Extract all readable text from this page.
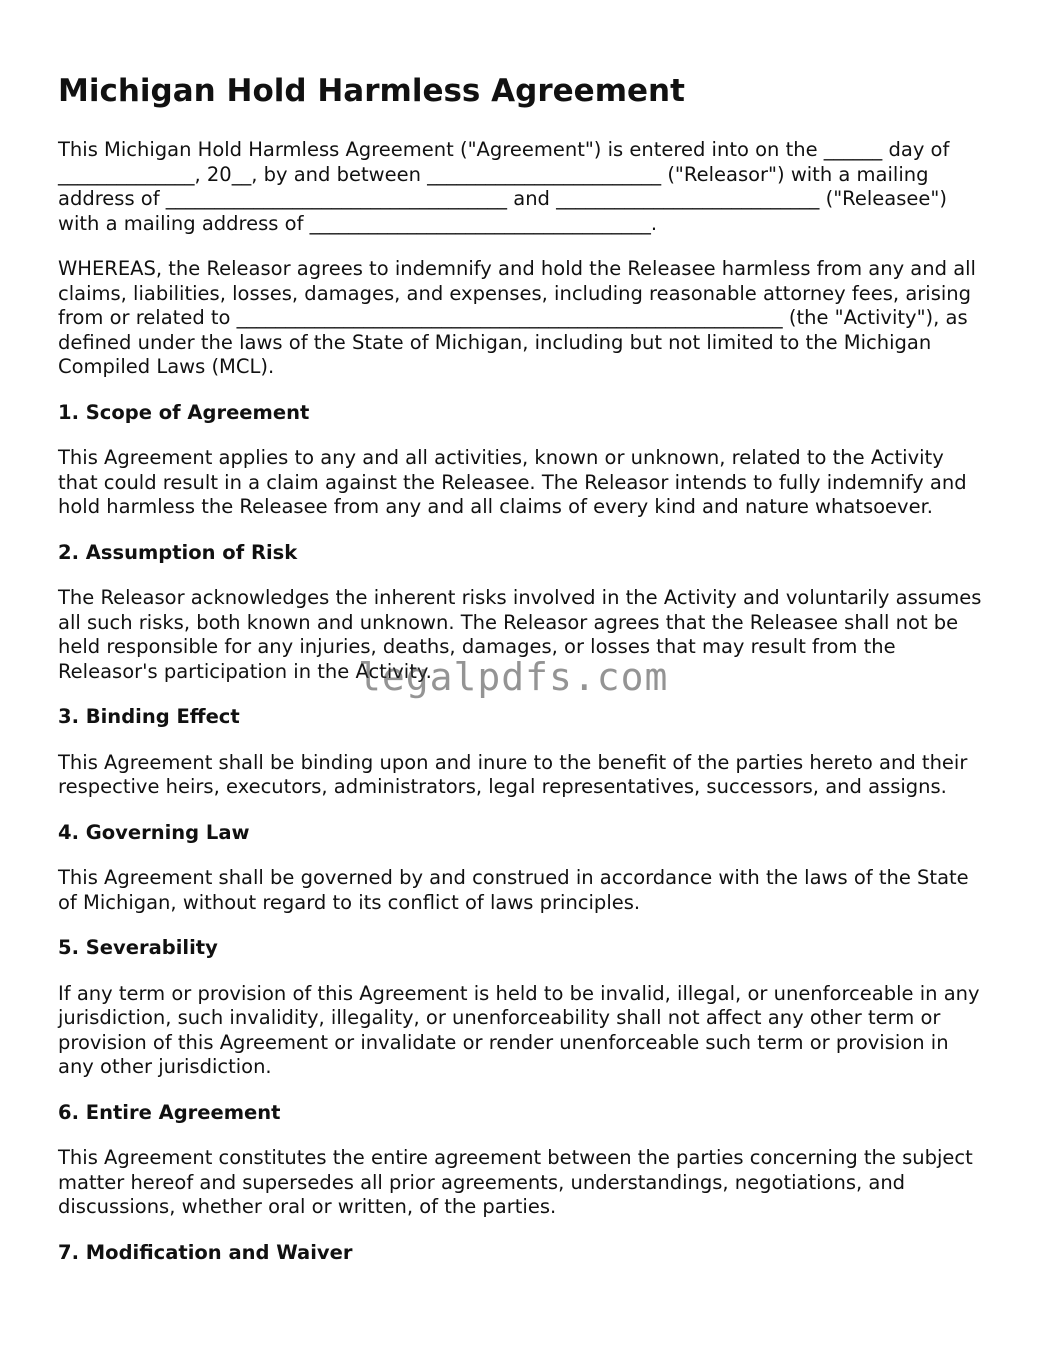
Michigan Hold Harmless Agreement

This Michigan Hold Harmless Agreement ("Agreement") is entered into on the ______ day of ______________, 20__, by and between ________________________ ("Releasor") with a mailing address of ___________________________________ and ___________________________ ("Releasee") with a mailing address of ___________________________________.

WHEREAS, the Releasor agrees to indemnify and hold the Releasee harmless from any and all claims, liabilities, losses, damages, and expenses, including reasonable attorney fees, arising from or related to ________________________________________________________ (the "Activity"), as defined under the laws of the State of Michigan, including but not limited to the Michigan Compiled Laws (MCL).

1. Scope of Agreement

This Agreement applies to any and all activities, known or unknown, related to the Activity that could result in a claim against the Releasee. The Releasor intends to fully indemnify and hold harmless the Releasee from any and all claims of every kind and nature whatsoever.

2. Assumption of Risk

The Releasor acknowledges the inherent risks involved in the Activity and voluntarily assumes all such risks, both known and unknown. The Releasor agrees that the Releasee shall not be held responsible for any injuries, deaths, damages, or losses that may result from the Releasor's participation in the Activity.

3. Binding Effect

This Agreement shall be binding upon and inure to the benefit of the parties hereto and their respective heirs, executors, administrators, legal representatives, successors, and assigns.

4. Governing Law

This Agreement shall be governed by and construed in accordance with the laws of the State of Michigan, without regard to its conflict of laws principles.

5. Severability

If any term or provision of this Agreement is held to be invalid, illegal, or unenforceable in any jurisdiction, such invalidity, illegality, or unenforceability shall not affect any other term or provision of this Agreement or invalidate or render unenforceable such term or provision in any other jurisdiction.

6. Entire Agreement

This Agreement constitutes the entire agreement between the parties concerning the subject matter hereof and supersedes all prior agreements, understandings, negotiations, and discussions, whether oral or written, of the parties.

7. Modification and Waiver
legalpdfs.com
